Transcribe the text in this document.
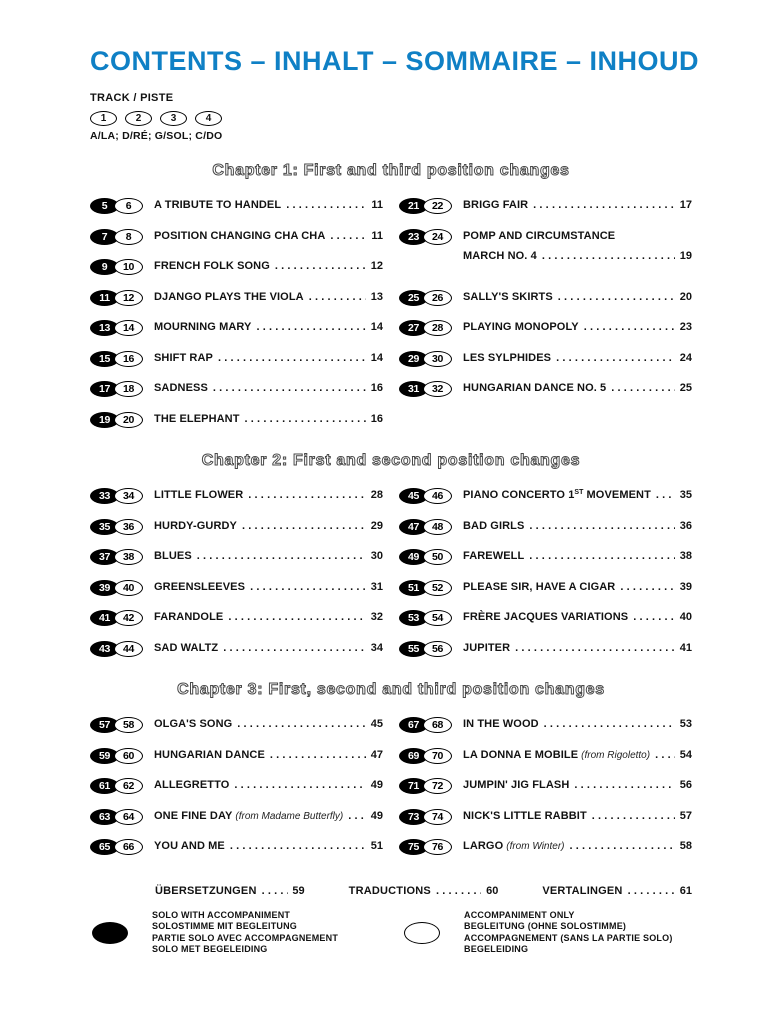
CONTENTS – INHALT – SOMMAIRE – INHOUD
TRACK / PISTE
1	2	3	4
A/LA; D/RÉ; G/SOL; C/DO
Chapter 1: First and third position changes
5	6	A TRIBUTE TO HANDEL .....	11
7	8	POSITION CHANGING CHA CHA .....	11
9	10	FRENCH FOLK SONG .....	12
11	12	DJANGO PLAYS THE VIOLA .....	13
13	14	MOURNING MARY .....	14
15	16	SHIFT RAP .....	14
17	18	SADNESS .....	16
19	20	THE ELEPHANT .....	16
21	22	BRIGG FAIR .....	17
23	24	POMP AND CIRCUMSTANCE
MARCH NO. 4 .....	19
25	26	SALLY'S SKIRTS .....	20
27	28	PLAYING MONOPOLY .....	23
29	30	LES SYLPHIDES .....	24
31	32	HUNGARIAN DANCE NO. 5 .....	25
Chapter 2: First and second position changes
33	34	LITTLE FLOWER .....	28
35	36	HURDY-GURDY .....	29
37	38	BLUES .....	30
39	40	GREENSLEEVES .....	31
41	42	FARANDOLE .....	32
43	44	SAD WALTZ .....	34
45	46	PIANO CONCERTO 1 ST MOVEMENT .....	35
47	48	BAD GIRLS .....	36
49	50	FAREWELL .....	38
51	52	PLEASE SIR, HAVE A CIGAR .....	39
53	54	FRÈRE JACQUES VARIATIONS .....	40
55	56	JUPITER .....	41
Chapter 3: First, second and third position changes
57	58	OLGA'S SONG .....	45
59	60	HUNGARIAN DANCE .....	47
61	62	ALLEGRETTO .....	49
63	64	ONE FINE DAY (from Madame Butterfly) .....	49
65	66	YOU AND ME .....	51
67	68	IN THE WOOD .....	53
69	70	LA DONNA E MOBILE (from Rigoletto) .....	54
71	72	JUMPIN' JIG FLASH .....	56
73	74	NICK'S LITTLE RABBIT .....	57
75	76	LARGO (from Winter) .....	58
ÜBERSETZUNGEN .....	59	TRADUCTIONS .....	60	VERTALINGEN .....	61
SOLO WITH ACCOMPANIMENT
SOLOSTIMME MIT BEGLEITUNG
PARTIE SOLO AVEC ACCOMPAGNEMENT
SOLO MET BEGELEIDING
ACCOMPANIMENT ONLY
BEGLEITUNG (OHNE SOLOSTIMME)
ACCOMPAGNEMENT (SANS LA PARTIE SOLO)
BEGELEIDING
